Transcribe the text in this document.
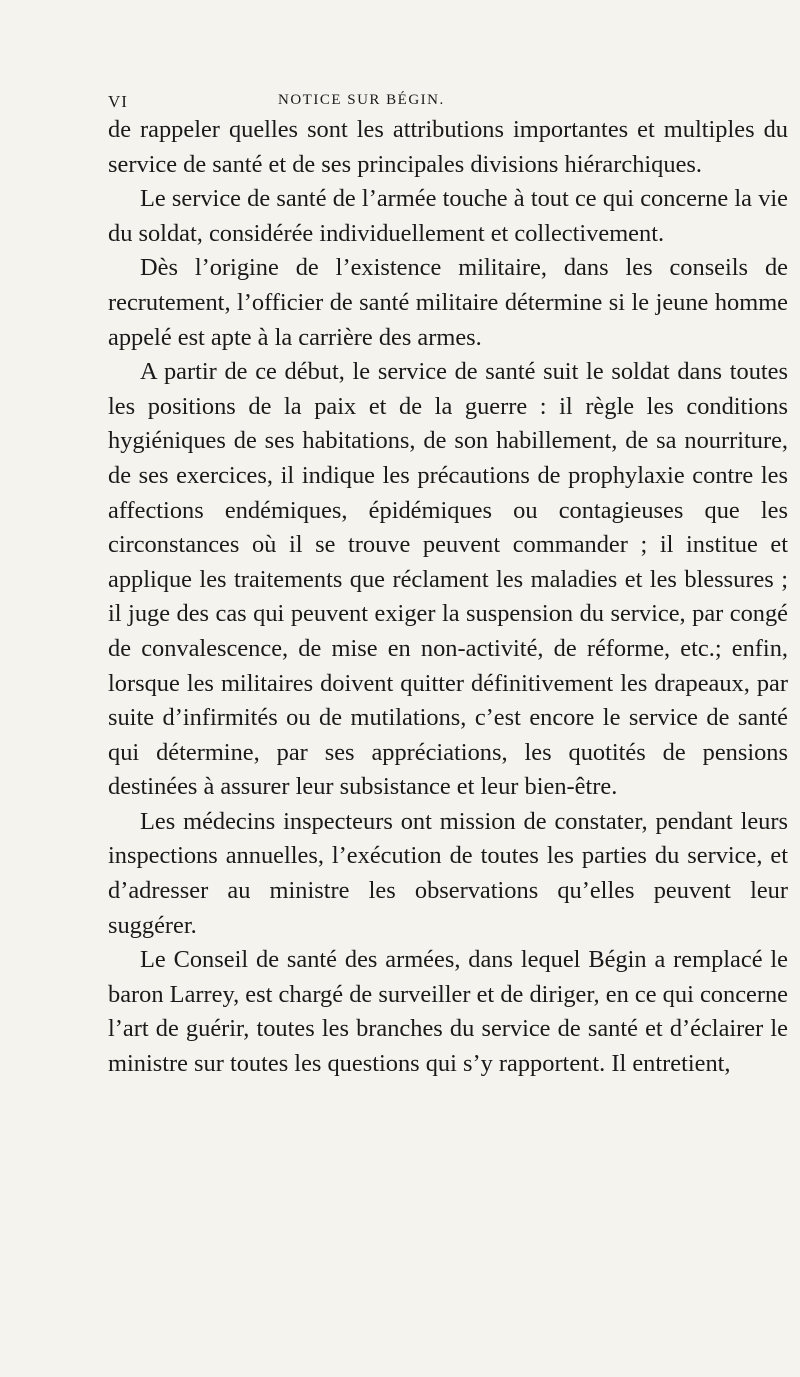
VI	NOTICE SUR BÉGIN.

de rappeler quelles sont les attributions importantes et multiples du service de santé et de ses principales divisions hiérarchiques.

Le service de santé de l’armée touche à tout ce qui concerne la vie du soldat, considérée individuellement et collectivement.

Dès l’origine de l’existence militaire, dans les conseils de recrutement, l’officier de santé militaire détermine si le jeune homme appelé est apte à la carrière des armes.

A partir de ce début, le service de santé suit le soldat dans toutes les positions de la paix et de la guerre : il règle les conditions hygiéniques de ses habitations, de son habillement, de sa nourriture, de ses exercices, il indique les précautions de prophylaxie contre les affections endémiques, épidémiques ou contagieuses que les circonstances où il se trouve peuvent commander ; il institue et applique les traitements que réclament les maladies et les blessures ; il juge des cas qui peuvent exiger la suspension du service, par congé de convalescence, de mise en non-activité, de réforme, etc.; enfin, lorsque les militaires doivent quitter définitivement les drapeaux, par suite d’infirmités ou de mutilations, c’est encore le service de santé qui détermine, par ses appréciations, les quotités de pensions destinées à assurer leur subsistance et leur bien-être.

Les médecins inspecteurs ont mission de constater, pendant leurs inspections annuelles, l’exécution de toutes les parties du service, et d’adresser au ministre les observations qu’elles peuvent leur suggérer.

Le Conseil de santé des armées, dans lequel Bégin a remplacé le baron Larrey, est chargé de surveiller et de diriger, en ce qui concerne l’art de guérir, toutes les branches du service de santé et d’éclairer le ministre sur toutes les questions qui s’y rapportent. Il entretient,
